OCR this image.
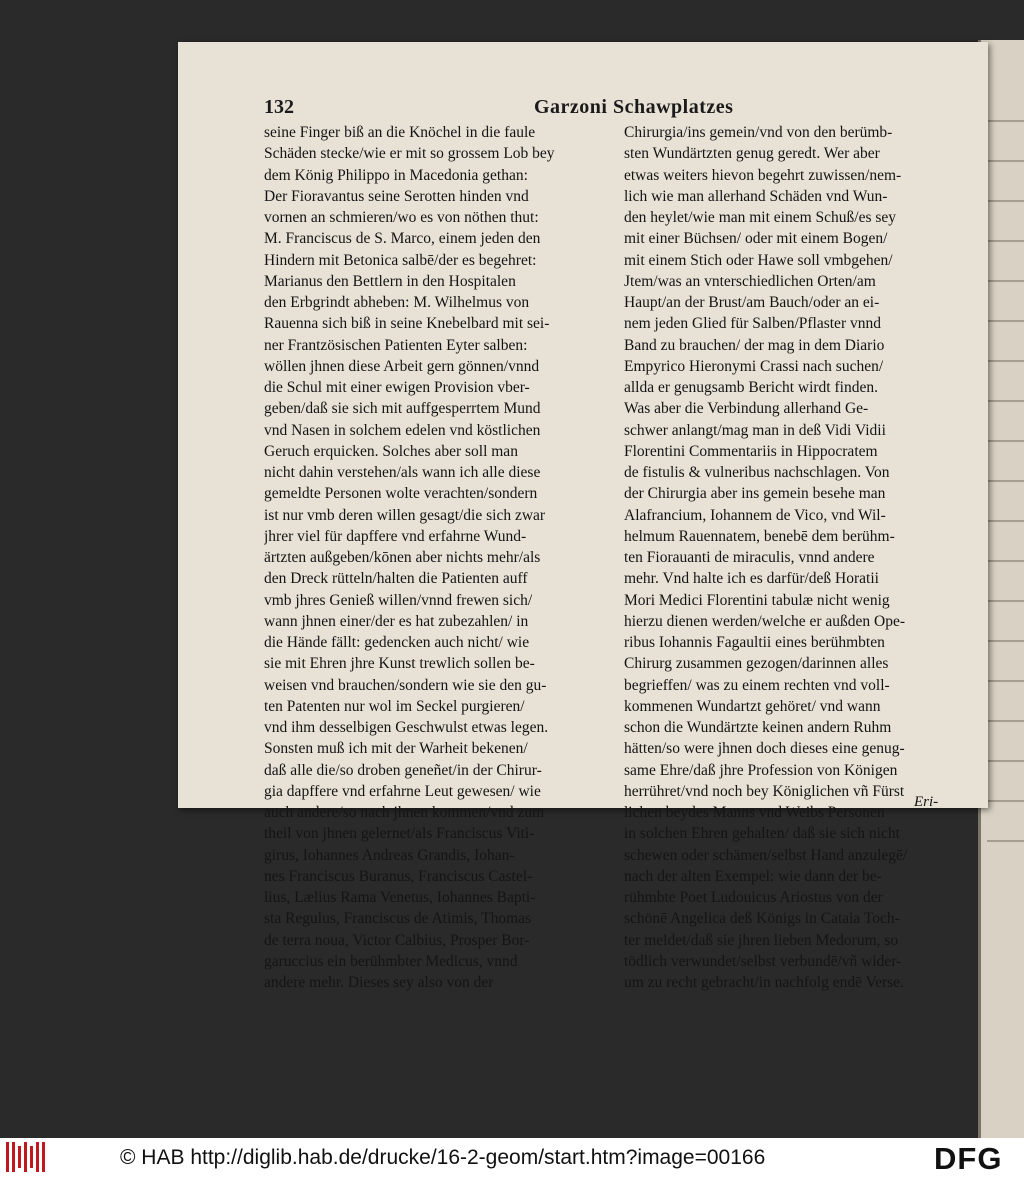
132	Garzoni Schawplatzes
seine Finger biß an die Knöchel in die faule
Schäden stecke/wie er mit so grossem Lob bey
dem König Philippo in Macedonia gethan:
Der Fioravantus seine Serotten hinden vnd
vornen an schmieren/wo es von nöthen thut:
M. Franciscus de S. Marco, einem jeden den
Hindern mit Betonica salbē/der es begehret:
Marianus den Bettlern in den Hospitalen
den Erbgrindt abheben: M. Wilhelmus von
Rauenna sich biß in seine Knebelbard mit sei-
ner Frantzösischen Patienten Eyter salben:
wöllen jhnen diese Arbeit gern gönnen/vnnd
die Schul mit einer ewigen Provision vber-
geben/daß sie sich mit auffgesperrtem Mund
vnd Nasen in solchem edelen vnd köstlichen
Geruch erquicken. Solches aber soll man
nicht dahin verstehen/als wann ich alle diese
gemeldte Personen wolte verachten/sondern
ist nur vmb deren willen gesagt/die sich zwar
jhrer viel für dapffere vnd erfahrne Wund-
ärtzten außgeben/kōnen aber nichts mehr/als
den Dreck rütteln/halten die Patienten auff
vmb jhres Genieß willen/vnnd frewen sich/
wann jhnen einer/der es hat zubezahlen/ in
die Hände fällt: gedencken auch nicht/ wie
sie mit Ehren jhre Kunst trewlich sollen be-
weisen vnd brauchen/sondern wie sie den gu-
ten Patenten nur wol im Seckel purgieren/
vnd ihm desselbigen Geschwulst etwas legen.
Sonsten muß ich mit der Warheit bekenen/
daß alle die/so droben geneñet/in der Chirur-
gia dapffere vnd erfahrne Leut gewesen/ wie
auch andere/so nach jhnen kommen/vnd zum
theil von jhnen gelernet/als Franciscus Viti-
girus, Iohannes Andreas Grandis, Iohan-
nes Franciscus Buranus, Franciscus Castel-
lius, Lælius Rama Venetus, Iohannes Bapti-
sta Regulus, Franciscus de Atimis, Thomas
de terra noua, Victor Calbius, Prosper Bor-
garuccius ein berühmbter Medicus, vnnd
andere mehr. Dieses sey also von der
Chirurgia/ins gemein/vnd von den berümb-
sten Wundärtzten genug geredt. Wer aber
etwas weiters hievon begehrt zuwissen/nem-
lich wie man allerhand Schäden vnd Wun-
den heylet/wie man mit einem Schuß/es sey
mit einer Büchsen/ oder mit einem Bogen/
mit einem Stich oder Hawe soll vmbgehen/
Jtem/was an vnterschiedlichen Orten/am
Haupt/an der Brust/am Bauch/oder an ei-
nem jeden Glied für Salben/Pflaster vnnd
Band zu brauchen/ der mag in dem Diario
Empyrico Hieronymi Crassi nach suchen/
allda er genugsamb Bericht wirdt finden.
Was aber die Verbindung allerhand Ge-
schwer anlangt/mag man in deß Vidi Vidii
Florentini Commentariis in Hippocratem
de fistulis & vulneribus nachschlagen. Von
der Chirurgia aber ins gemein besehe man
Alafrancium, Iohannem de Vico, vnd Wil-
helmum Rauennatem, benebē dem berühm-
ten Fiorauanti de miraculis, vnnd andere
mehr. Vnd halte ich es darfür/deß Horatii
Mori Medici Florentini tabulæ nicht wenig
hierzu dienen werden/welche er außden Ope-
ribus Iohannis Fagaultii eines berühmbten
Chirurg zusammen gezogen/darinnen alles
begrieffen/ was zu einem rechten vnd voll-
kommenen Wundartzt gehöret/ vnd wann
schon die Wundärtzte keinen andern Ruhm
hätten/so were jhnen doch dieses eine genug-
same Ehre/daß jhre Profession von Königen
herrühret/vnd noch bey Königlichen vñ Fürst
lichen beydes Manns vnd Weibs Personen
in solchen Ehren gehalten/ daß sie sich nicht
schewen oder schämen/selbst Hand anzulegē/
nach der alten Exempel: wie dann der be-
rühmbte Poet Ludouicus Ariostus von der
schönē Angelica deß Königs in Cataia Toch-
ter meldet/daß sie jhren lieben Medorum, so
tödlich verwundet/selbst verbundē/vñ wider-
um zu recht gebracht/in nachfolg endē Verse.
Eri-
© HAB http://diglib.hab.de/drucke/16-2-geom/start.htm?image=00166	DFG
